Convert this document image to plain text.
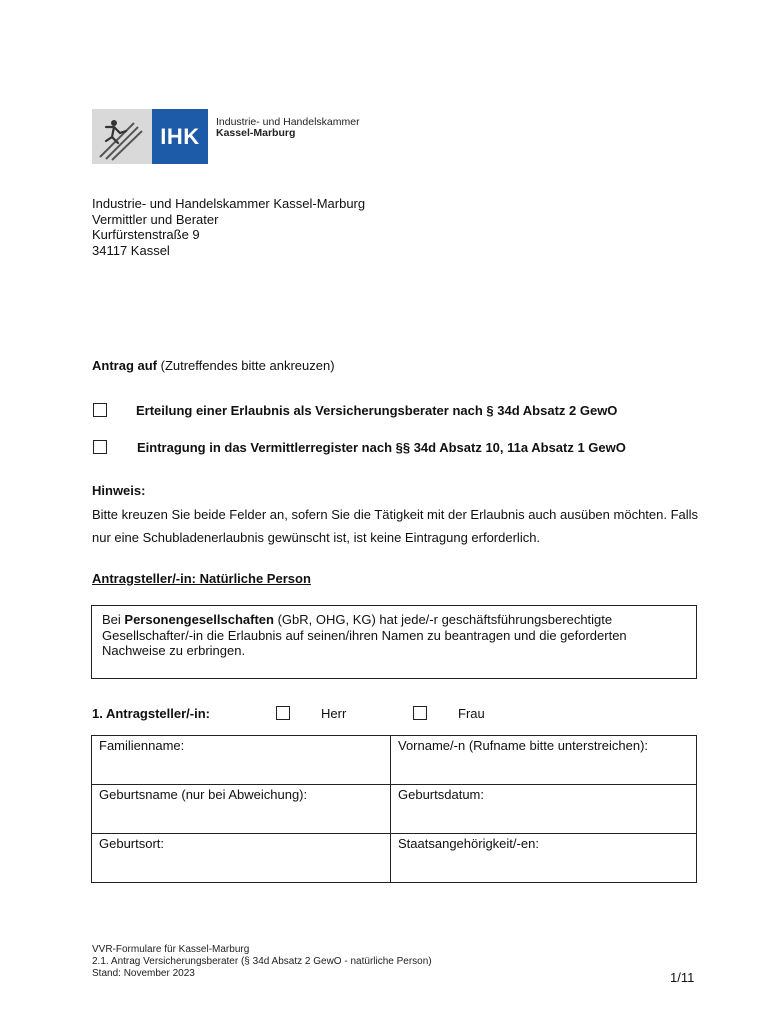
IHK
Industrie- und Handelskammer
Kassel-Marburg
Industrie- und Handelskammer Kassel-Marburg
Vermittler und Berater
Kurfürstenstraße 9
34117 Kassel
Antrag auf (Zutreffendes bitte ankreuzen)
Erteilung einer Erlaubnis als Versicherungsberater nach § 34d Absatz 2 GewO
Eintragung in das Vermittlerregister nach §§ 34d Absatz 10, 11a Absatz 1 GewO
Hinweis:
Bitte kreuzen Sie beide Felder an, sofern Sie die Tätigkeit mit der Erlaubnis auch ausüben möchten. Falls nur eine Schubladenerlaubnis gewünscht ist, ist keine Eintragung erforderlich.
Antragsteller/-in: Natürliche Person
Bei Personengesellschaften (GbR, OHG, KG) hat jede/-r geschäftsführungsberechtigte Gesellschafter/-in die Erlaubnis auf seinen/ihren Namen zu beantragen und die geforderten Nachweise zu erbringen.
1. Antragsteller/-in:	Herr	Frau
Familienname:	Vorname/-n (Rufname bitte unterstreichen):
Geburtsname (nur bei Abweichung):	Geburtsdatum:
Geburtsort:	Staatsangehörigkeit/-en:
VVR-Formulare für Kassel-Marburg
2.1. Antrag Versicherungsberater (§ 34d Absatz 2 GewO - natürliche Person)
Stand: November 2023	1/11
